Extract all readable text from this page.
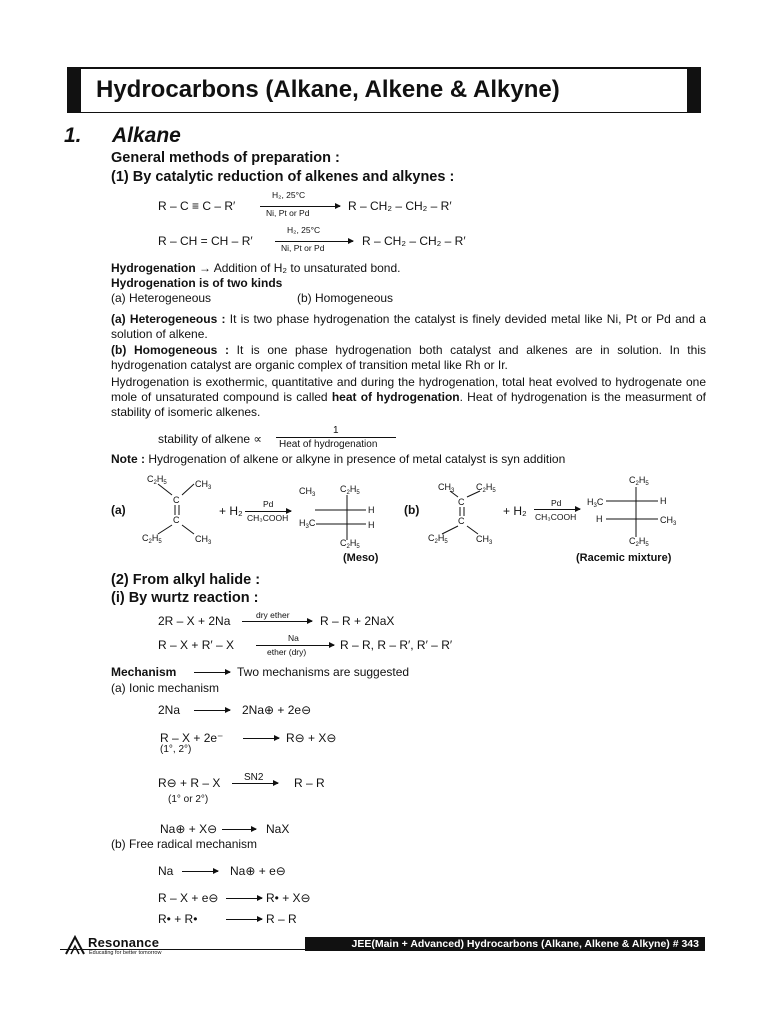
Hydrocarbons (Alkane, Alkene & Alkyne)
1. Alkane
General methods of preparation :
(1) By catalytic reduction of alkenes and alkynes :
R – C ≡ C – R′
H₂, 25°C
Ni, Pt or Pd	R – CH₂ – CH₂ – R′
R – CH = CH – R′
H₂, 25°C
Ni, Pt or Pd	R – CH₂ – CH₂ – R′
Hydrogenation → Addition of H₂ to unsaturated bond.
Hydrogenation is of two kinds
(a) Heterogeneous	(b) Homogeneous
(a) Heterogeneous : It is two phase hydrogenation the catalyst is finely devided metal like Ni, Pt or Pd and a solution of alkene.
(b) Homogeneous : It is one phase hydrogenation both catalyst and alkenes are in solution. In this hydrogenation catalyst are organic complex of transition metal like Rh or Ir.
Hydrogenation is exothermic, quantitative and during the hydrogenation, total heat evolved to hydrogenate one mole of unsaturated compound is called heat of hydrogenation. Heat of hydrogenation is the measurment of stability of isomeric alkenes.
stability of alkene ∝
1
Heat of hydrogenation
Note : Hydrogenation of alkene or alkyne in presence of metal catalyst is syn addition
$C_2H_5$	$CH_3$
C
C
$C_2H_5$	$CH_3$
$CH_3$
$C_2H_5$
H
$H_3C$	H
$C_2H_5$
(a)	+ H₂ Pd
CH₃COOH
(Meso)
$CH_3$ $C_2H_5$
C
C
$C_2H_5$	$CH_3$
$C_2H_5$
$H_3C$	H
H	$CH_3$
$C_2H_5$
(b)	+ H₂
Pd
CH₃COOH
(Racemic mixture)
(2) From alkyl halide :
(i) By wurtz reaction :
2R – X + 2Na	dry ether	R – R + 2NaX
R – X + R′ – X	Na
ether (dry)	R – R, R – R′, R′ – R′
Mechanism	Two mechanisms are suggested
(a) Ionic mechanism
2Na	2Na⊕ + 2e⊖
R – X + 2e⁻
(1°, 2°)
R⊖ + X⊖
R⊖ + R – X SN2
(1° or 2°)
R – R
Na⊕ + X⊖	NaX
(b) Free radical mechanism
Na	Na⊕ + e⊖
R – X + e⊖	R• + X⊖
R• + R•	R – R
Resonance
Educating for better tomorrow
JEE(Main + Advanced) Hydrocarbons (Alkane, Alkene & Alkyne) # 343
